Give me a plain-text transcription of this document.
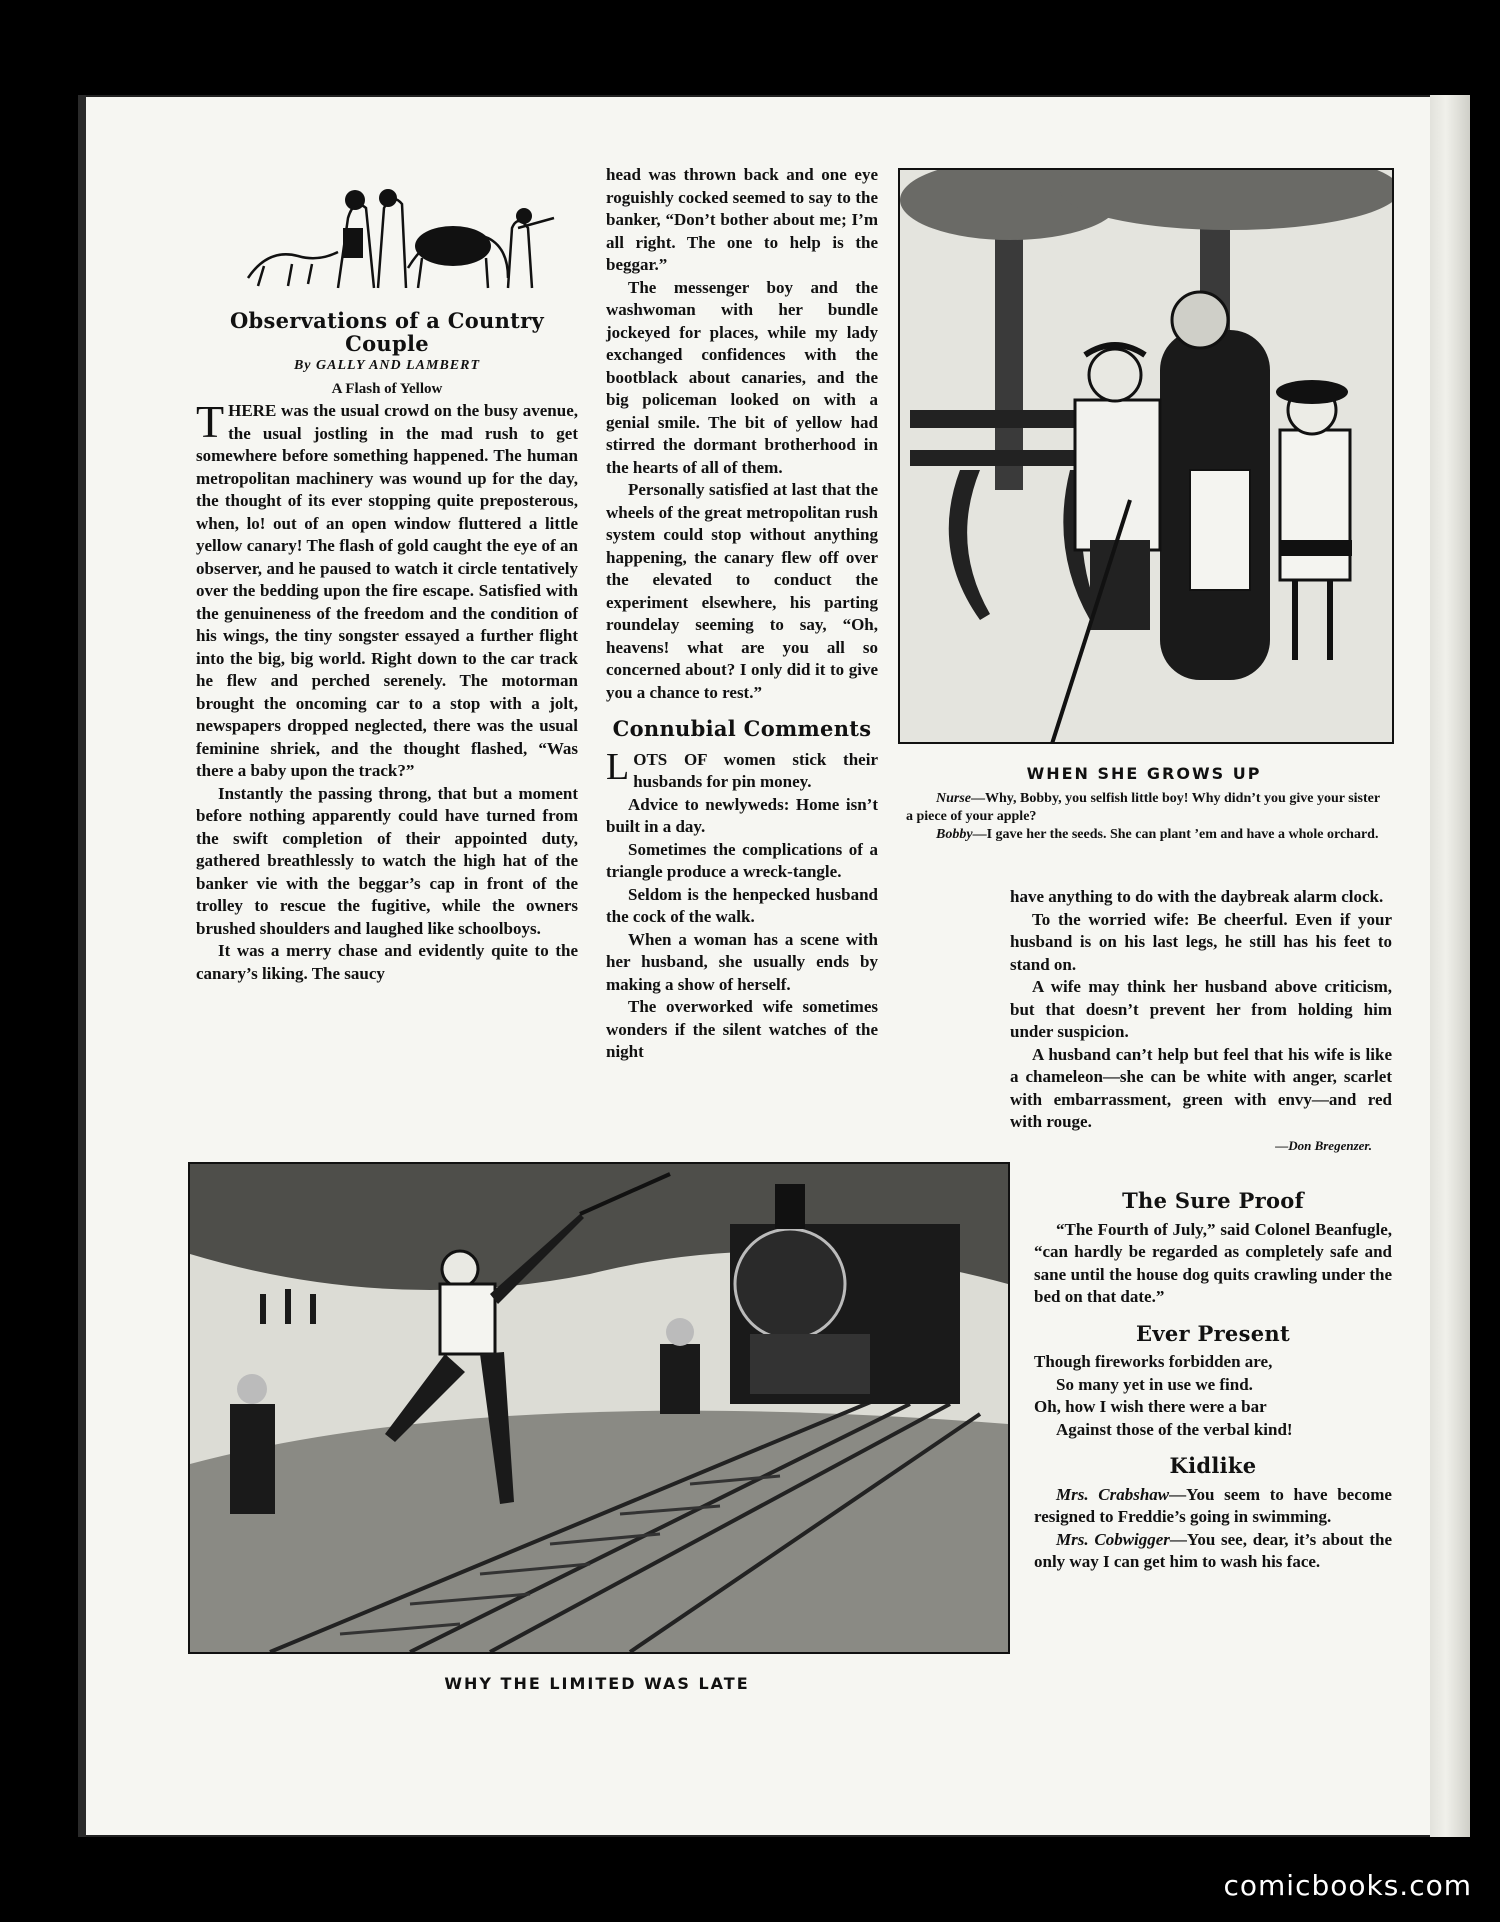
Observations of a Country Couple

By GALLY AND LAMBERT

A Flash of Yellow

THERE was the usual crowd on the busy avenue, the usual jostling in the mad rush to get somewhere before something happened. The human metropolitan machinery was wound up for the day, the thought of its ever stopping quite preposterous, when, lo! out of an open window fluttered a little yellow canary! The flash of gold caught the eye of an observer, and he paused to watch it circle tentatively over the bedding upon the fire escape. Satisfied with the genuineness of the freedom and the condition of his wings, the tiny songster essayed a further flight into the big, big world. Right down to the car track he flew and perched serenely. The motorman brought the oncoming car to a stop with a jolt, newspapers dropped neglected, there was the usual feminine shriek, and the thought flashed, “Was there a baby upon the track?”

Instantly the passing throng, that but a moment before nothing apparently could have turned from the swift completion of their appointed duty, gathered breathlessly to watch the high hat of the banker vie with the beggar’s cap in front of the trolley to rescue the fugitive, while the owners brushed shoulders and laughed like schoolboys.

It was a merry chase and evidently quite to the canary’s liking. The saucy

head was thrown back and one eye roguishly cocked seemed to say to the banker, “Don’t bother about me; I’m all right. The one to help is the beggar.”

The messenger boy and the washwoman with her bundle jockeyed for places, while my lady exchanged confidences with the bootblack about canaries, and the big policeman looked on with a genial smile. The bit of yellow had stirred the dormant brotherhood in the hearts of all of them.

Personally satisfied at last that the wheels of the great metropolitan rush system could stop without anything happening, the canary flew off over the elevated to conduct the experiment elsewhere, his parting roundelay seeming to say, “Oh, heavens! what are you all so concerned about? I only did it to give you a chance to rest.”

Connubial Comments

LOTS OF women stick their husbands for pin money.

Advice to newlyweds: Home isn’t built in a day.

Sometimes the complications of a triangle produce a wreck-tangle.

Seldom is the henpecked husband the cock of the walk.

When a woman has a scene with her husband, she usually ends by making a show of herself.

The overworked wife sometimes wonders if the silent watches of the night

WHEN SHE GROWS UP
Nurse—Why, Bobby, you selfish little boy! Why didn’t you give your sister a piece of your apple?
Bobby—I gave her the seeds. She can plant ’em and have a whole orchard.

have anything to do with the daybreak alarm clock.

To the worried wife: Be cheerful. Even if your husband is on his last legs, he still has his feet to stand on.

A wife may think her husband above criticism, but that doesn’t prevent her from holding him under suspicion.

A husband can’t help but feel that his wife is like a chameleon—she can be white with anger, scarlet with embarrassment, green with envy—and red with rouge.

—Don Bregenzer.

WHY THE LIMITED WAS LATE

The Sure Proof

“The Fourth of July,” said Colonel Beanfugle, “can hardly be regarded as completely safe and sane until the house dog quits crawling under the bed on that date.”

Ever Present

Though fireworks forbidden are,

So many yet in use we find.

Oh, how I wish there were a bar

Against those of the verbal kind!

Kidlike

Mrs. Crabshaw—You seem to have become resigned to Freddie’s going in swimming.

Mrs. Cobwigger—You see, dear, it’s about the only way I can get him to wash his face.

comicbooks.com
